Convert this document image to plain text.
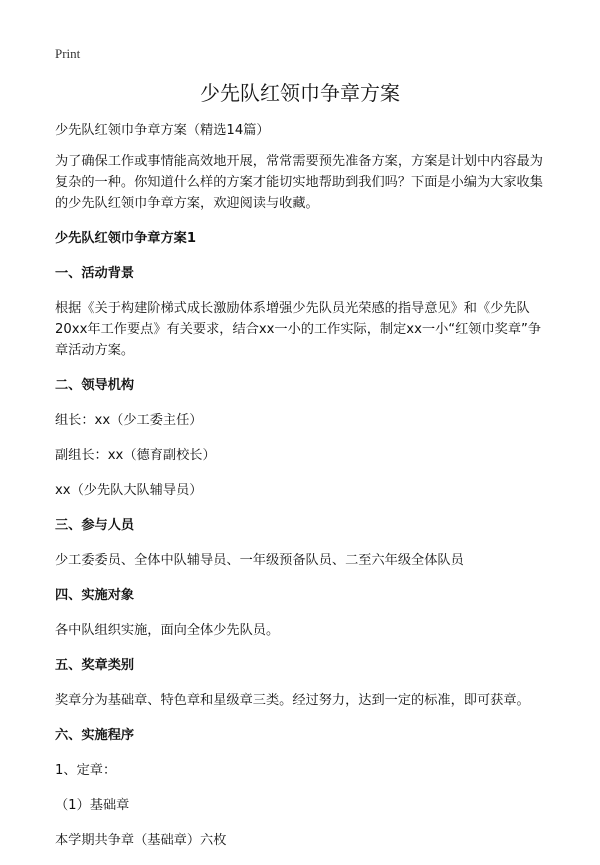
Print
少先队红领巾争章方案

少先队红领巾争章方案（精选14篇）

为了确保工作或事情能高效地开展，常常需要预先准备方案，方案是计划中内容最为复杂的一种。你知道什么样的方案才能切实地帮助到我们吗？下面是小编为大家收集的少先队红领巾争章方案，欢迎阅读与收藏。

少先队红领巾争章方案1

一、活动背景

根据《关于构建阶梯式成长激励体系增强少先队员光荣感的指导意见》和《少先队20xx年工作要点》有关要求，结合xx一小的工作实际，制定xx一小“红领巾奖章”争章活动方案。

二、领导机构

组长：xx（少工委主任）

副组长：xx（德育副校长）

xx（少先队大队辅导员）

三、参与人员

少工委委员、全体中队辅导员、一年级预备队员、二至六年级全体队员

四、实施对象

各中队组织实施，面向全体少先队员。

五、奖章类别

奖章分为基础章、特色章和星级章三类。经过努力，达到一定的标准，即可获章。

六、实施程序

1、定章：

（1）基础章

本学期共争章（基础章）六枚
